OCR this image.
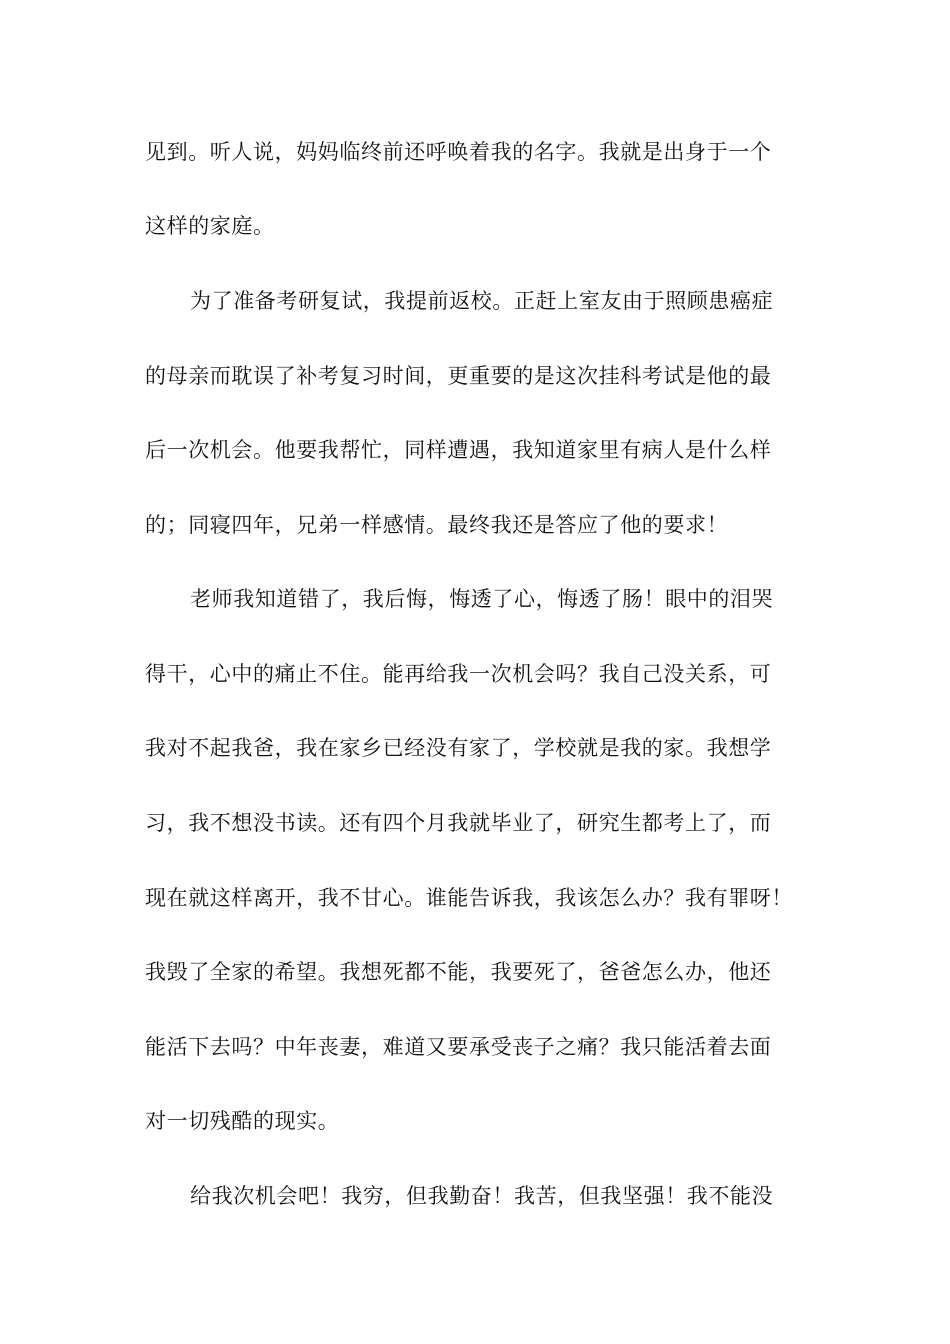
见到。听人说，妈妈临终前还呼唤着我的名字。我就是出身于一个
这样的家庭。
为了准备考研复试，我提前返校。正赶上室友由于照顾患癌症
的母亲而耽误了补考复习时间，更重要的是这次挂科考试是他的最
后一次机会。他要我帮忙，同样遭遇，我知道家里有病人是什么样
的；同寝四年，兄弟一样感情。最终我还是答应了他的要求！
老师我知道错了，我后悔，悔透了心，悔透了肠！眼中的泪哭
得干，心中的痛止不住。能再给我一次机会吗？我自己没关系，可
我对不起我爸，我在家乡已经没有家了，学校就是我的家。我想学
习，我不想没书读。还有四个月我就毕业了，研究生都考上了，而
现在就这样离开，我不甘心。谁能告诉我，我该怎么办？我有罪呀！
我毁了全家的希望。我想死都不能，我要死了，爸爸怎么办，他还
能活下去吗？中年丧妻，难道又要承受丧子之痛？我只能活着去面
对一切残酷的现实。
给我次机会吧！我穷，但我勤奋！我苦，但我坚强！我不能没
